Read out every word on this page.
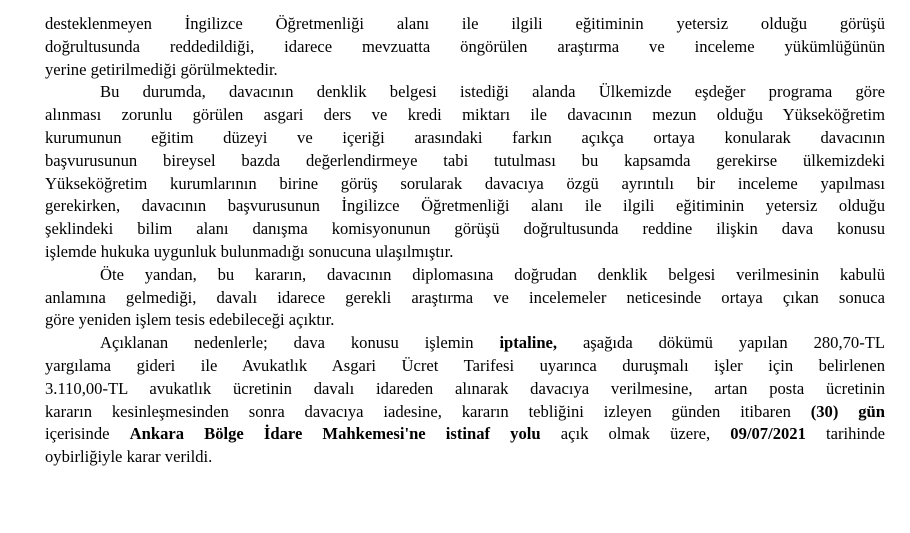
desteklenmeyen İngilizce Öğretmenliği alanı ile ilgili eğitiminin yetersiz olduğu görüşü
doğrultusunda reddedildiği, idarece mevzuatta öngörülen araştırma ve inceleme yükümlüğünün
yerine getirilmediği görülmektedir.
Bu durumda, davacının denklik belgesi istediği alanda Ülkemizde eşdeğer programa göre
alınması zorunlu görülen asgari ders ve kredi miktarı ile davacının mezun olduğu Yükseköğretim
kurumunun eğitim düzeyi ve içeriği arasındaki farkın açıkça ortaya konularak davacının
başvurusunun bireysel bazda değerlendirmeye tabi tutulması bu kapsamda gerekirse ülkemizdeki
Yükseköğretim kurumlarının birine görüş sorularak davacıya özgü ayrıntılı bir inceleme yapılması
gerekirken, davacının başvurusunun İngilizce Öğretmenliği alanı ile ilgili eğitiminin yetersiz olduğu
şeklindeki bilim alanı danışma komisyonunun görüşü doğrultusunda reddine ilişkin dava konusu
işlemde hukuka uygunluk bulunmadığı sonucuna ulaşılmıştır.
Öte yandan, bu kararın, davacının diplomasına doğrudan denklik belgesi verilmesinin kabulü
anlamına gelmediği, davalı idarece gerekli araştırma ve incelemeler neticesinde ortaya çıkan sonuca
göre yeniden işlem tesis edebileceği açıktır.
Açıklanan nedenlerle; dava konusu işlemin iptaline, aşağıda dökümü yapılan 280,70-TL
yargılama gideri ile Avukatlık Asgari Ücret Tarifesi uyarınca duruşmalı işler için belirlenen
3.110,00-TL avukatlık ücretinin davalı idareden alınarak davacıya verilmesine, artan posta ücretinin
kararın kesinleşmesinden sonra davacıya iadesine, kararın tebliğini izleyen günden itibaren (30) gün
içerisinde Ankara Bölge İdare Mahkemesi'ne istinaf yolu açık olmak üzere, 09/07/2021 tarihinde
oybirliğiyle karar verildi.
